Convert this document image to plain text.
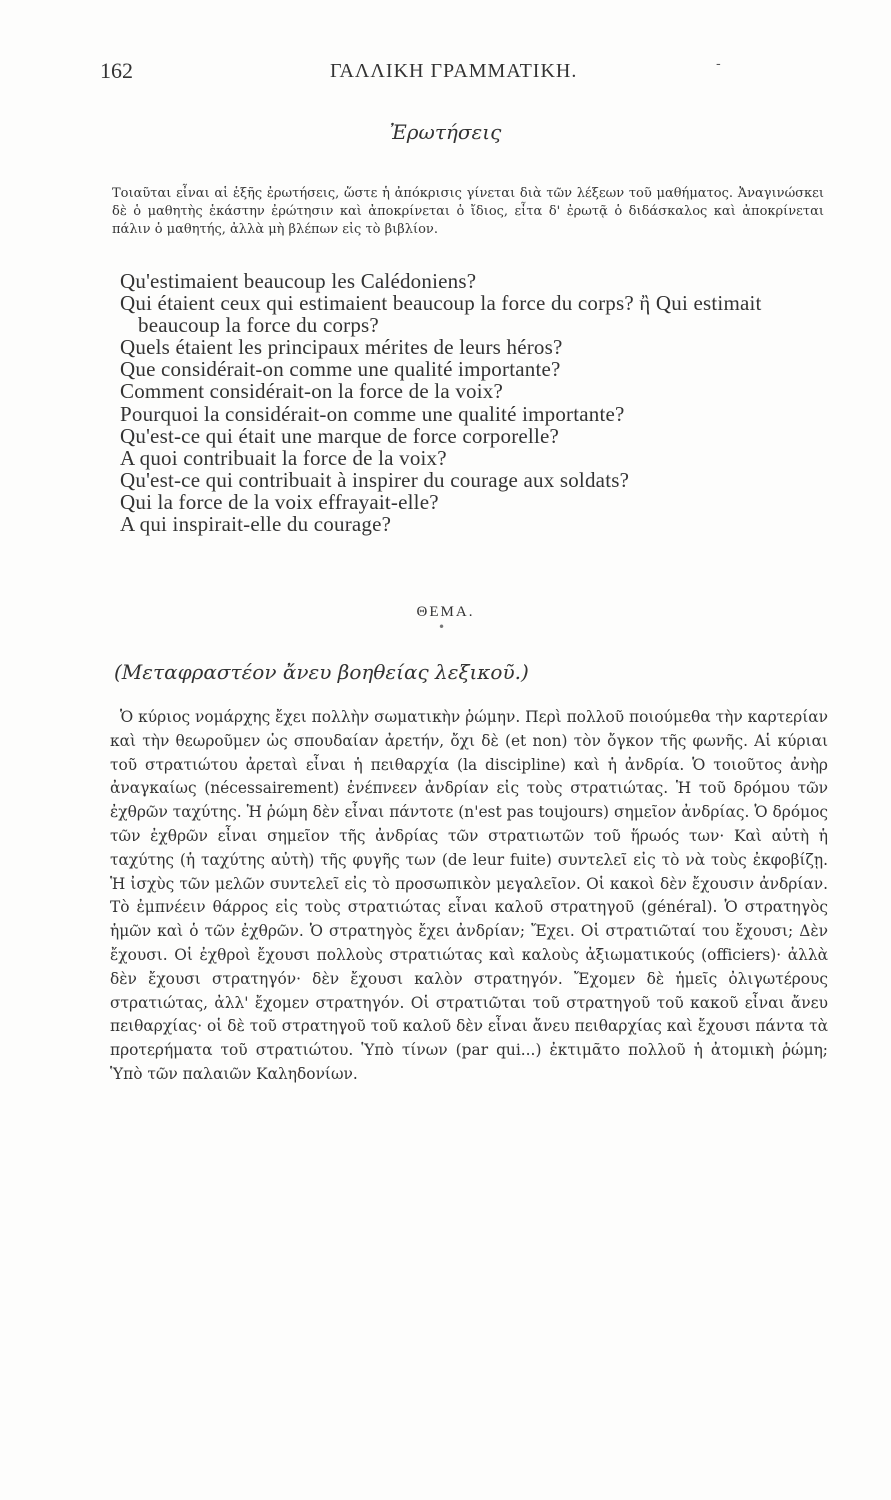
162	ΓΑΛΛΙΚΗ ΓΡΑΜΜΑΤΙΚΗ.	-
Ἐρωτήσεις

Τοιαῦται εἶναι αἱ ἑξῆς ἐρωτήσεις, ὥστε ἡ ἀπόκρισις γίνεται διὰ τῶν λέξεων τοῦ μαθήματος. Ἀναγινώσκει δὲ ὁ μαθητὴς ἑκάστην ἐρώτησιν καὶ ἀποκρίνεται ὁ ἴδιος, εἶτα δ' ἐρωτᾷ ὁ διδάσκαλος καὶ ἀποκρίνεται πάλιν ὁ μαθητής, ἀλλὰ μὴ βλέπων εἰς τὸ βιβλίον.

Qu'estimaient beaucoup les Calédoniens?
Qui étaient ceux qui estimaient beaucoup la force du corps? ἢ Qui estimait beaucoup la force du corps?
Quels étaient les principaux mérites de leurs héros?
Que considérait-on comme une qualité importante?
Comment considérait-on la force de la voix?
Pourquoi la considérait-on comme une qualité importante?
Qu'est-ce qui était une marque de force corporelle?
A quoi contribuait la force de la voix?
Qu'est-ce qui contribuait à inspirer du courage aux soldats?
Qui la force de la voix effrayait-elle?
A qui inspirait-elle du courage?
ΘΕΜΑ.
•
(Μεταφραστέον ἄνευ βοηθείας λεξικοῦ.)

Ὁ κύριος νομάρχης ἔχει πολλὴν σωματικὴν ῥώμην. Περὶ πολλοῦ ποιούμεθα τὴν καρτερίαν καὶ τὴν θεωροῦμεν ὡς σπουδαίαν ἀρετήν, ὄχι δὲ (et non) τὸν ὄγκον τῆς φωνῆς. Αἱ κύριαι τοῦ στρατιώτου ἀρεταὶ εἶναι ἡ πειθαρχία (la discipline) καὶ ἡ ἀνδρία. Ὁ τοιοῦτος ἀνὴρ ἀναγκαίως (nécessairement) ἐνέπνεεν ἀνδρίαν εἰς τοὺς στρατιώτας. Ἡ τοῦ δρόμου τῶν ἐχθρῶν ταχύτης. Ἡ ῥώμη δὲν εἶναι πάντοτε (n'est pas toujours) σημεῖον ἀνδρίας. Ὁ δρόμος τῶν ἐχθρῶν εἶναι σημεῖον τῆς ἀνδρίας τῶν στρατιωτῶν τοῦ ἥρωός των· Καὶ αὐτὴ ἡ ταχύτης (ἡ ταχύτης αὐτὴ) τῆς φυγῆς των (de leur fuite) συντελεῖ εἰς τὸ νὰ τοὺς ἐκφοβίζῃ. Ἡ ἰσχὺς τῶν μελῶν συντελεῖ εἰς τὸ προσωπικὸν μεγαλεῖον. Οἱ κακοὶ δὲν ἔχουσιν ἀνδρίαν. Τὸ ἐμπνέειν θάρρος εἰς τοὺς στρατιώτας εἶναι καλοῦ στρατηγοῦ (général). Ὁ στρατηγὸς ἡμῶν καὶ ὁ τῶν ἐχθρῶν. Ὁ στρατηγὸς ἔχει ἀνδρίαν; Ἔχει. Οἱ στρατιῶταί του ἔχουσι; Δὲν ἔχουσι. Οἱ ἐχθροὶ ἔχουσι πολλοὺς στρατιώτας καὶ καλοὺς ἀξιωματικούς (officiers)· ἀλλὰ δὲν ἔχουσι στρατηγόν· δὲν ἔχουσι καλὸν στρατηγόν. Ἔχομεν δὲ ἡμεῖς ὀλιγωτέρους στρατιώτας, ἀλλ' ἔχομεν στρατηγόν. Οἱ στρατιῶται τοῦ στρατηγοῦ τοῦ κακοῦ εἶναι ἄνευ πειθαρχίας· οἱ δὲ τοῦ στρατηγοῦ τοῦ καλοῦ δὲν εἶναι ἄνευ πειθαρχίας καὶ ἔχουσι πάντα τὰ προτερήματα τοῦ στρατιώτου. Ὑπὸ τίνων (par qui...) ἐκτιμᾶτο πολλοῦ ἡ ἀτομικὴ ῥώμη; Ὑπὸ τῶν παλαιῶν Καληδονίων.
